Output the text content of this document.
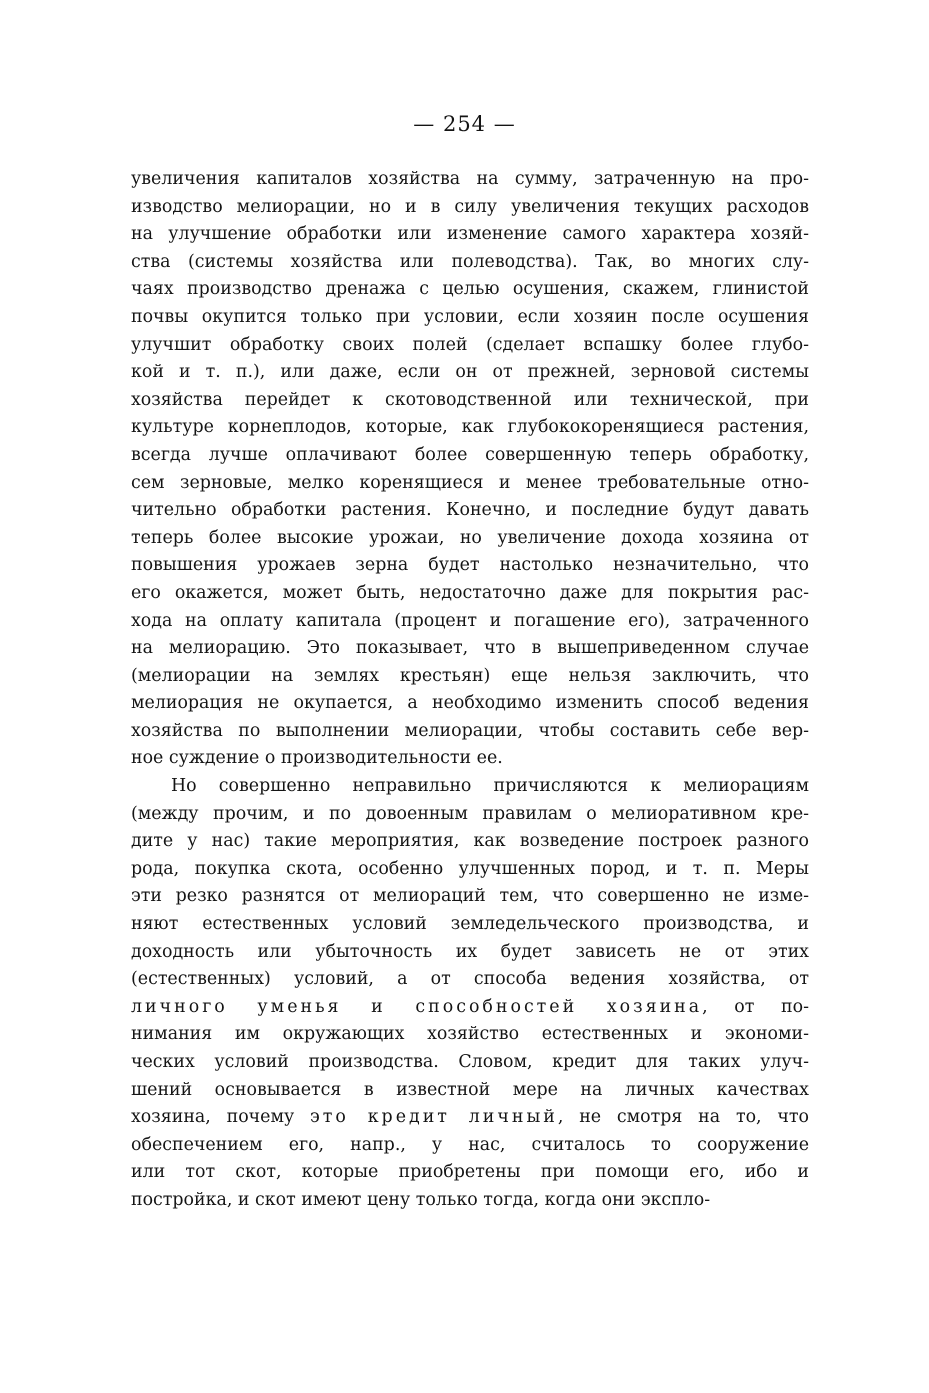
— 254 —
увеличения капиталов хозяйства на сумму, затраченную на про-
изводство мелиорации, но и в силу увеличения текущих расходов
на улучшение обработки или изменение самого характера хозяй-
ства (системы хозяйства или полеводства). Так, во многих слу-
чаях производство дренажа с целью осушения, скажем, глинистой
почвы окупится только при условии, если хозяин после осушения
улучшит обработку своих полей (сделает вспашку более глубо-
кой и т. п.), или даже, если он от прежней, зерновой системы
хозяйства перейдет к скотоводственной или технической, при
культуре корнеплодов, которые, как глубококоренящиеся растения,
всегда лучше оплачивают более совершенную теперь обработку,
сем зерновые, мелко коренящиеся и менее требовательные отно-
чительно обработки растения. Конечно, и последние будут давать
теперь более высокие урожаи, но увеличение дохода хозяина от
повышения урожаев зерна будет настолько незначительно, что
его окажется, может быть, недостаточно даже для покрытия рас-
хода на оплату капитала (процент и погашение его), затраченного
на мелиорацию. Это показывает, что в вышеприведенном случае
(мелиорации на землях крестьян) еще нельзя заключить, что
мелиорация не окупается, а необходимо изменить способ ведения
хозяйства по выполнении мелиорации, чтобы составить себе вер-
ное суждение о производительности ее.
Но совершенно неправильно причисляются к мелиорациям
(между прочим, и по довоенным правилам о мелиоративном кре-
дите у нас) такие мероприятия, как возведение построек разного
рода, покупка скота, особенно улучшенных пород, и т. п. Меры
эти резко разнятся от мелиораций тем, что совершенно не изме-
няют естественных условий земледельческого производства, и
доходность или убыточность их будет зависеть не от этих
(естественных) условий, а от способа ведения хозяйства, от
личного уменья и способностей хозяина, от по-
нимания им окружающих хозяйство естественных и экономи-
ческих условий производства. Словом, кредит для таких улуч-
шений основывается в известной мере на личных качествах
хозяина, почему это кредит личный, не смотря на то, что
обеспечением его, напр., у нас, считалось то сооружение
или тот скот, которые приобретены при помощи его, ибо и
постройка, и скот имеют цену только тогда, когда они экспло-
